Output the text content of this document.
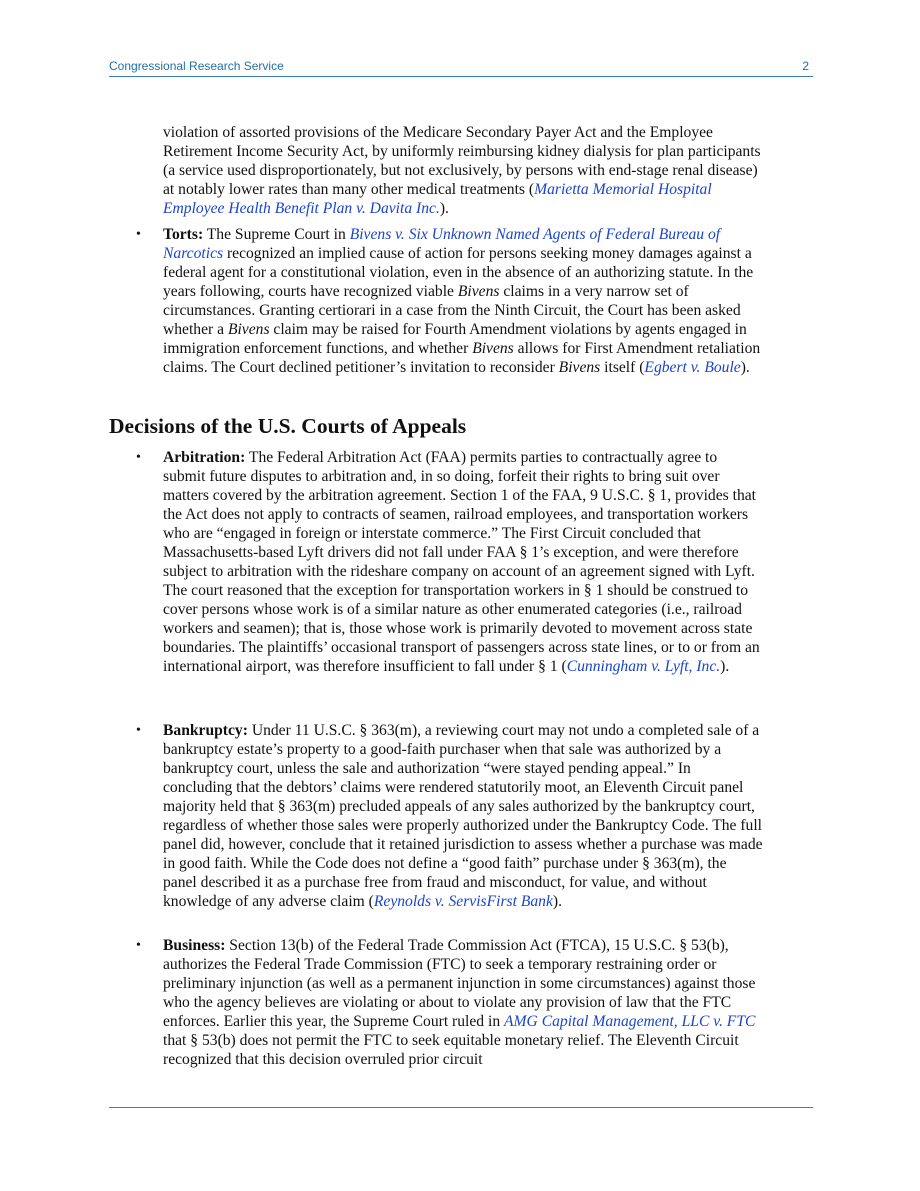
Congressional Research Service	2

violation of assorted provisions of the Medicare Secondary Payer Act and the Employee Retirement Income Security Act, by uniformly reimbursing kidney dialysis for plan participants (a service used disproportionately, but not exclusively, by persons with end-stage renal disease) at notably lower rates than many other medical treatments (Marietta Memorial Hospital Employee Health Benefit Plan v. Davita Inc.).

• Torts: The Supreme Court in Bivens v. Six Unknown Named Agents of Federal Bureau of Narcotics recognized an implied cause of action for persons seeking money damages against a federal agent for a constitutional violation, even in the absence of an authorizing statute. In the years following, courts have recognized viable Bivens claims in a very narrow set of circumstances. Granting certiorari in a case from the Ninth Circuit, the Court has been asked whether a Bivens claim may be raised for Fourth Amendment violations by agents engaged in immigration enforcement functions, and whether Bivens allows for First Amendment retaliation claims. The Court declined petitioner’s invitation to reconsider Bivens itself (Egbert v. Boule).

Decisions of the U.S. Courts of Appeals
• Arbitration: The Federal Arbitration Act (FAA) permits parties to contractually agree to submit future disputes to arbitration and, in so doing, forfeit their rights to bring suit over matters covered by the arbitration agreement. Section 1 of the FAA, 9 U.S.C. § 1, provides that the Act does not apply to contracts of seamen, railroad employees, and transportation workers who are “engaged in foreign or interstate commerce.” The First Circuit concluded that Massachusetts-based Lyft drivers did not fall under FAA § 1’s exception, and were therefore subject to arbitration with the rideshare company on account of an agreement signed with Lyft. The court reasoned that the exception for transportation workers in § 1 should be construed to cover persons whose work is of a similar nature as other enumerated categories (i.e., railroad workers and seamen); that is, those whose work is primarily devoted to movement across state boundaries. The plaintiffs’ occasional transport of passengers across state lines, or to or from an international airport, was therefore insufficient to fall under § 1 (Cunningham v. Lyft, Inc.).

• Bankruptcy: Under 11 U.S.C. § 363(m), a reviewing court may not undo a completed sale of a bankruptcy estate’s property to a good-faith purchaser when that sale was authorized by a bankruptcy court, unless the sale and authorization “were stayed pending appeal.” In concluding that the debtors’ claims were rendered statutorily moot, an Eleventh Circuit panel majority held that § 363(m) precluded appeals of any sales authorized by the bankruptcy court, regardless of whether those sales were properly authorized under the Bankruptcy Code. The full panel did, however, conclude that it retained jurisdiction to assess whether a purchase was made in good faith. While the Code does not define a “good faith” purchase under § 363(m), the panel described it as a purchase free from fraud and misconduct, for value, and without knowledge of any adverse claim (Reynolds v. ServisFirst Bank).

• Business: Section 13(b) of the Federal Trade Commission Act (FTCA), 15 U.S.C. § 53(b), authorizes the Federal Trade Commission (FTC) to seek a temporary restraining order or preliminary injunction (as well as a permanent injunction in some circumstances) against those who the agency believes are violating or about to violate any provision of law that the FTC enforces. Earlier this year, the Supreme Court ruled in AMG Capital Management, LLC v. FTC that § 53(b) does not permit the FTC to seek equitable monetary relief. The Eleventh Circuit recognized that this decision overruled prior circuit
